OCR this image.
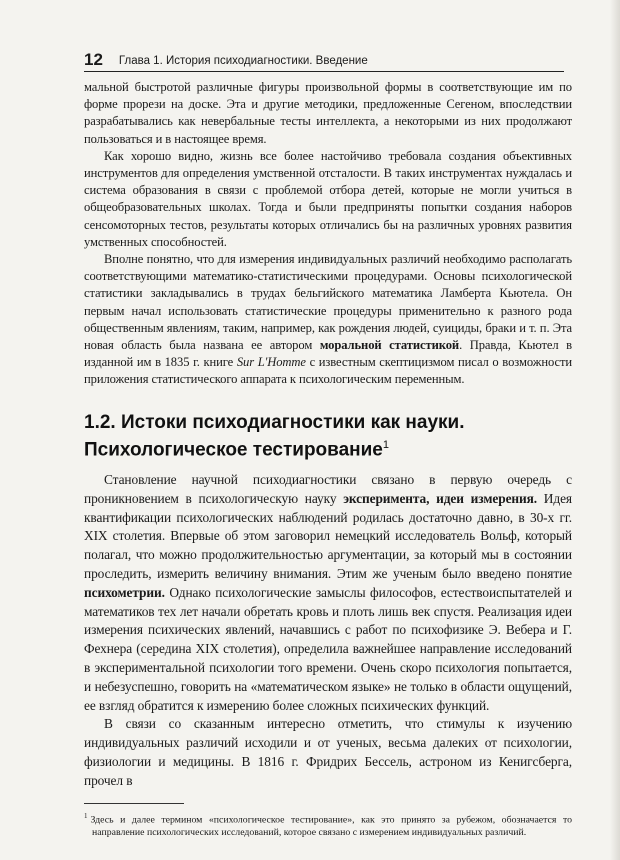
12 Глава 1. История психодиагностики. Введение

мальной быстротой различные фигуры произвольной формы в соответствующие им по форме прорези на доске. Эта и другие методики, предложенные Сегеном, впоследствии разрабатывались как невербальные тесты интеллекта, а некоторыми из них продолжают пользоваться и в настоящее время.

Как хорошо видно, жизнь все более настойчиво требовала создания объективных инструментов для определения умственной отсталости. В таких инструментах нуждалась и система образования в связи с проблемой отбора детей, которые не могли учиться в общеобразовательных школах. Тогда и были предприняты попытки создания наборов сенсомоторных тестов, результаты которых отличались бы на различных уровнях развития умственных способностей.

Вполне понятно, что для измерения индивидуальных различий необходимо располагать соответствующими математико-статистическими процедурами. Основы психологической статистики закладывались в трудах бельгийского математика Ламберта Кьютела. Он первым начал использовать статистические процедуры применительно к разного рода общественным явлениям, таким, например, как рождения людей, суициды, браки и т. п. Эта новая область была названа ее автором моральной статистикой. Правда, Кьютел в изданной им в 1835 г. книге Sur L'Homme с известным скептицизмом писал о возможности приложения статистического аппарата к психологическим переменным.

1.2. Истоки психодиагностики как науки.
Психологическое тестирование$^1$

Становление научной психодиагностики связано в первую очередь с проникновением в психологическую науку эксперимента, идеи измерения. Идея квантификации психологических наблюдений родилась достаточно давно, в 30-х гг. XIX столетия. Впервые об этом заговорил немецкий исследователь Вольф, который полагал, что можно продолжительностью аргументации, за который мы в состоянии проследить, измерить величину внимания. Этим же ученым было введено понятие психометрии. Однако психологические замыслы философов, естествоиспытателей и математиков тех лет начали обретать кровь и плоть лишь век спустя. Реализация идеи измерения психических явлений, начавшись с работ по психофизике Э. Вебера и Г. Фехнера (середина XIX столетия), определила важнейшее направление исследований в экспериментальной психологии того времени. Очень скоро психология попытается, и небезуспешно, говорить на «математическом языке» не только в области ощущений, ее взгляд обратится к измерению более сложных психических функций.

В связи со сказанным интересно отметить, что стимулы к изучению индивидуальных различий исходили и от ученых, весьма далеких от психологии, физиологии и медицины. В 1816 г. Фридрих Бессель, астроном из Кенигсберга, прочел в

$^1$ Здесь и далее термином «психологическое тестирование», как это принято за рубежом, обозначается то направление психологических исследований, которое связано с измерением индивидуальных различий.
